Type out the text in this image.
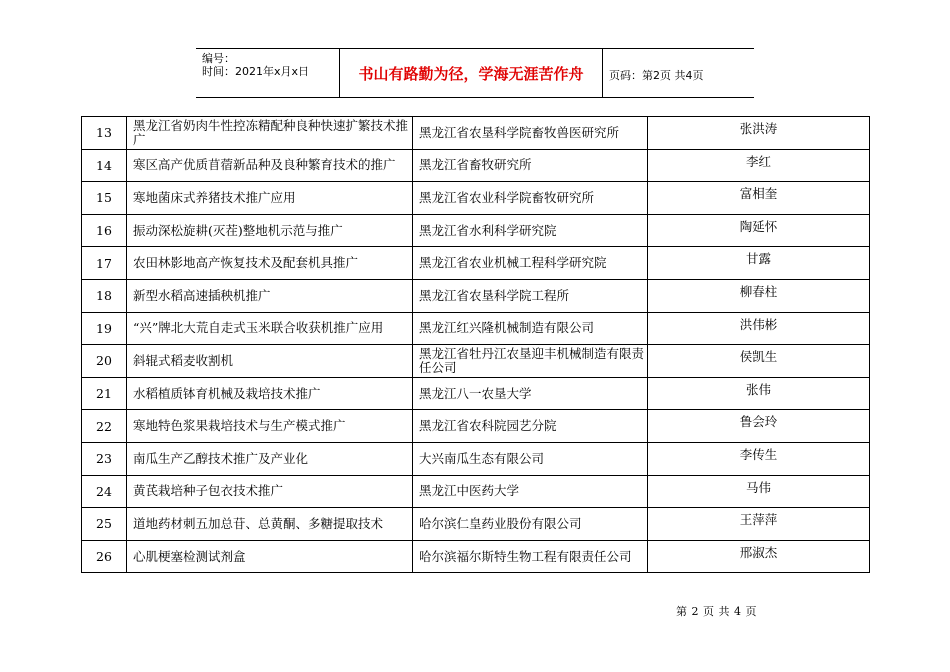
编号：
时间：2021年x月x日	书山有路勤为径，学海无涯苦作舟	页码：第2页 共4页
13	黑龙江省奶肉牛性控冻精配种良种快速扩繁技术推广	黑龙江省农垦科学院畜牧兽医研究所	张洪涛
14	寒区高产优质苜蓿新品种及良种繁育技术的推广	黑龙江省畜牧研究所	李红
15	寒地菌床式养猪技术推广应用	黑龙江省农业科学院畜牧研究所	富相奎
16	振动深松旋耕(灭茬)整地机示范与推广	黑龙江省水利科学研究院	陶延怀
17	农田林影地高产恢复技术及配套机具推广	黑龙江省农业机械工程科学研究院	甘露
18	新型水稻高速插秧机推广	黑龙江省农垦科学院工程所	柳春柱
19	“兴”牌北大荒自走式玉米联合收获机推广应用	黑龙江红兴隆机械制造有限公司	洪伟彬
20	斜辊式稻麦收割机	黑龙江省牡丹江农垦迎丰机械制造有限责任公司	侯凯生
21	水稻植质钵育机械及栽培技术推广	黑龙江八一农垦大学	张伟
22	寒地特色浆果栽培技术与生产模式推广	黑龙江省农科院园艺分院	鲁会玲
23	南瓜生产乙醇技术推广及产业化	大兴南瓜生态有限公司	李传生
24	黄芪栽培种子包衣技术推广	黑龙江中医药大学	马伟
25	道地药材刺五加总苷、总黄酮、多糖提取技术	哈尔滨仁皇药业股份有限公司	王萍萍
26	心肌梗塞检测试剂盒	哈尔滨福尔斯特生物工程有限责任公司	邢淑杰
第 2 页 共 4 页
